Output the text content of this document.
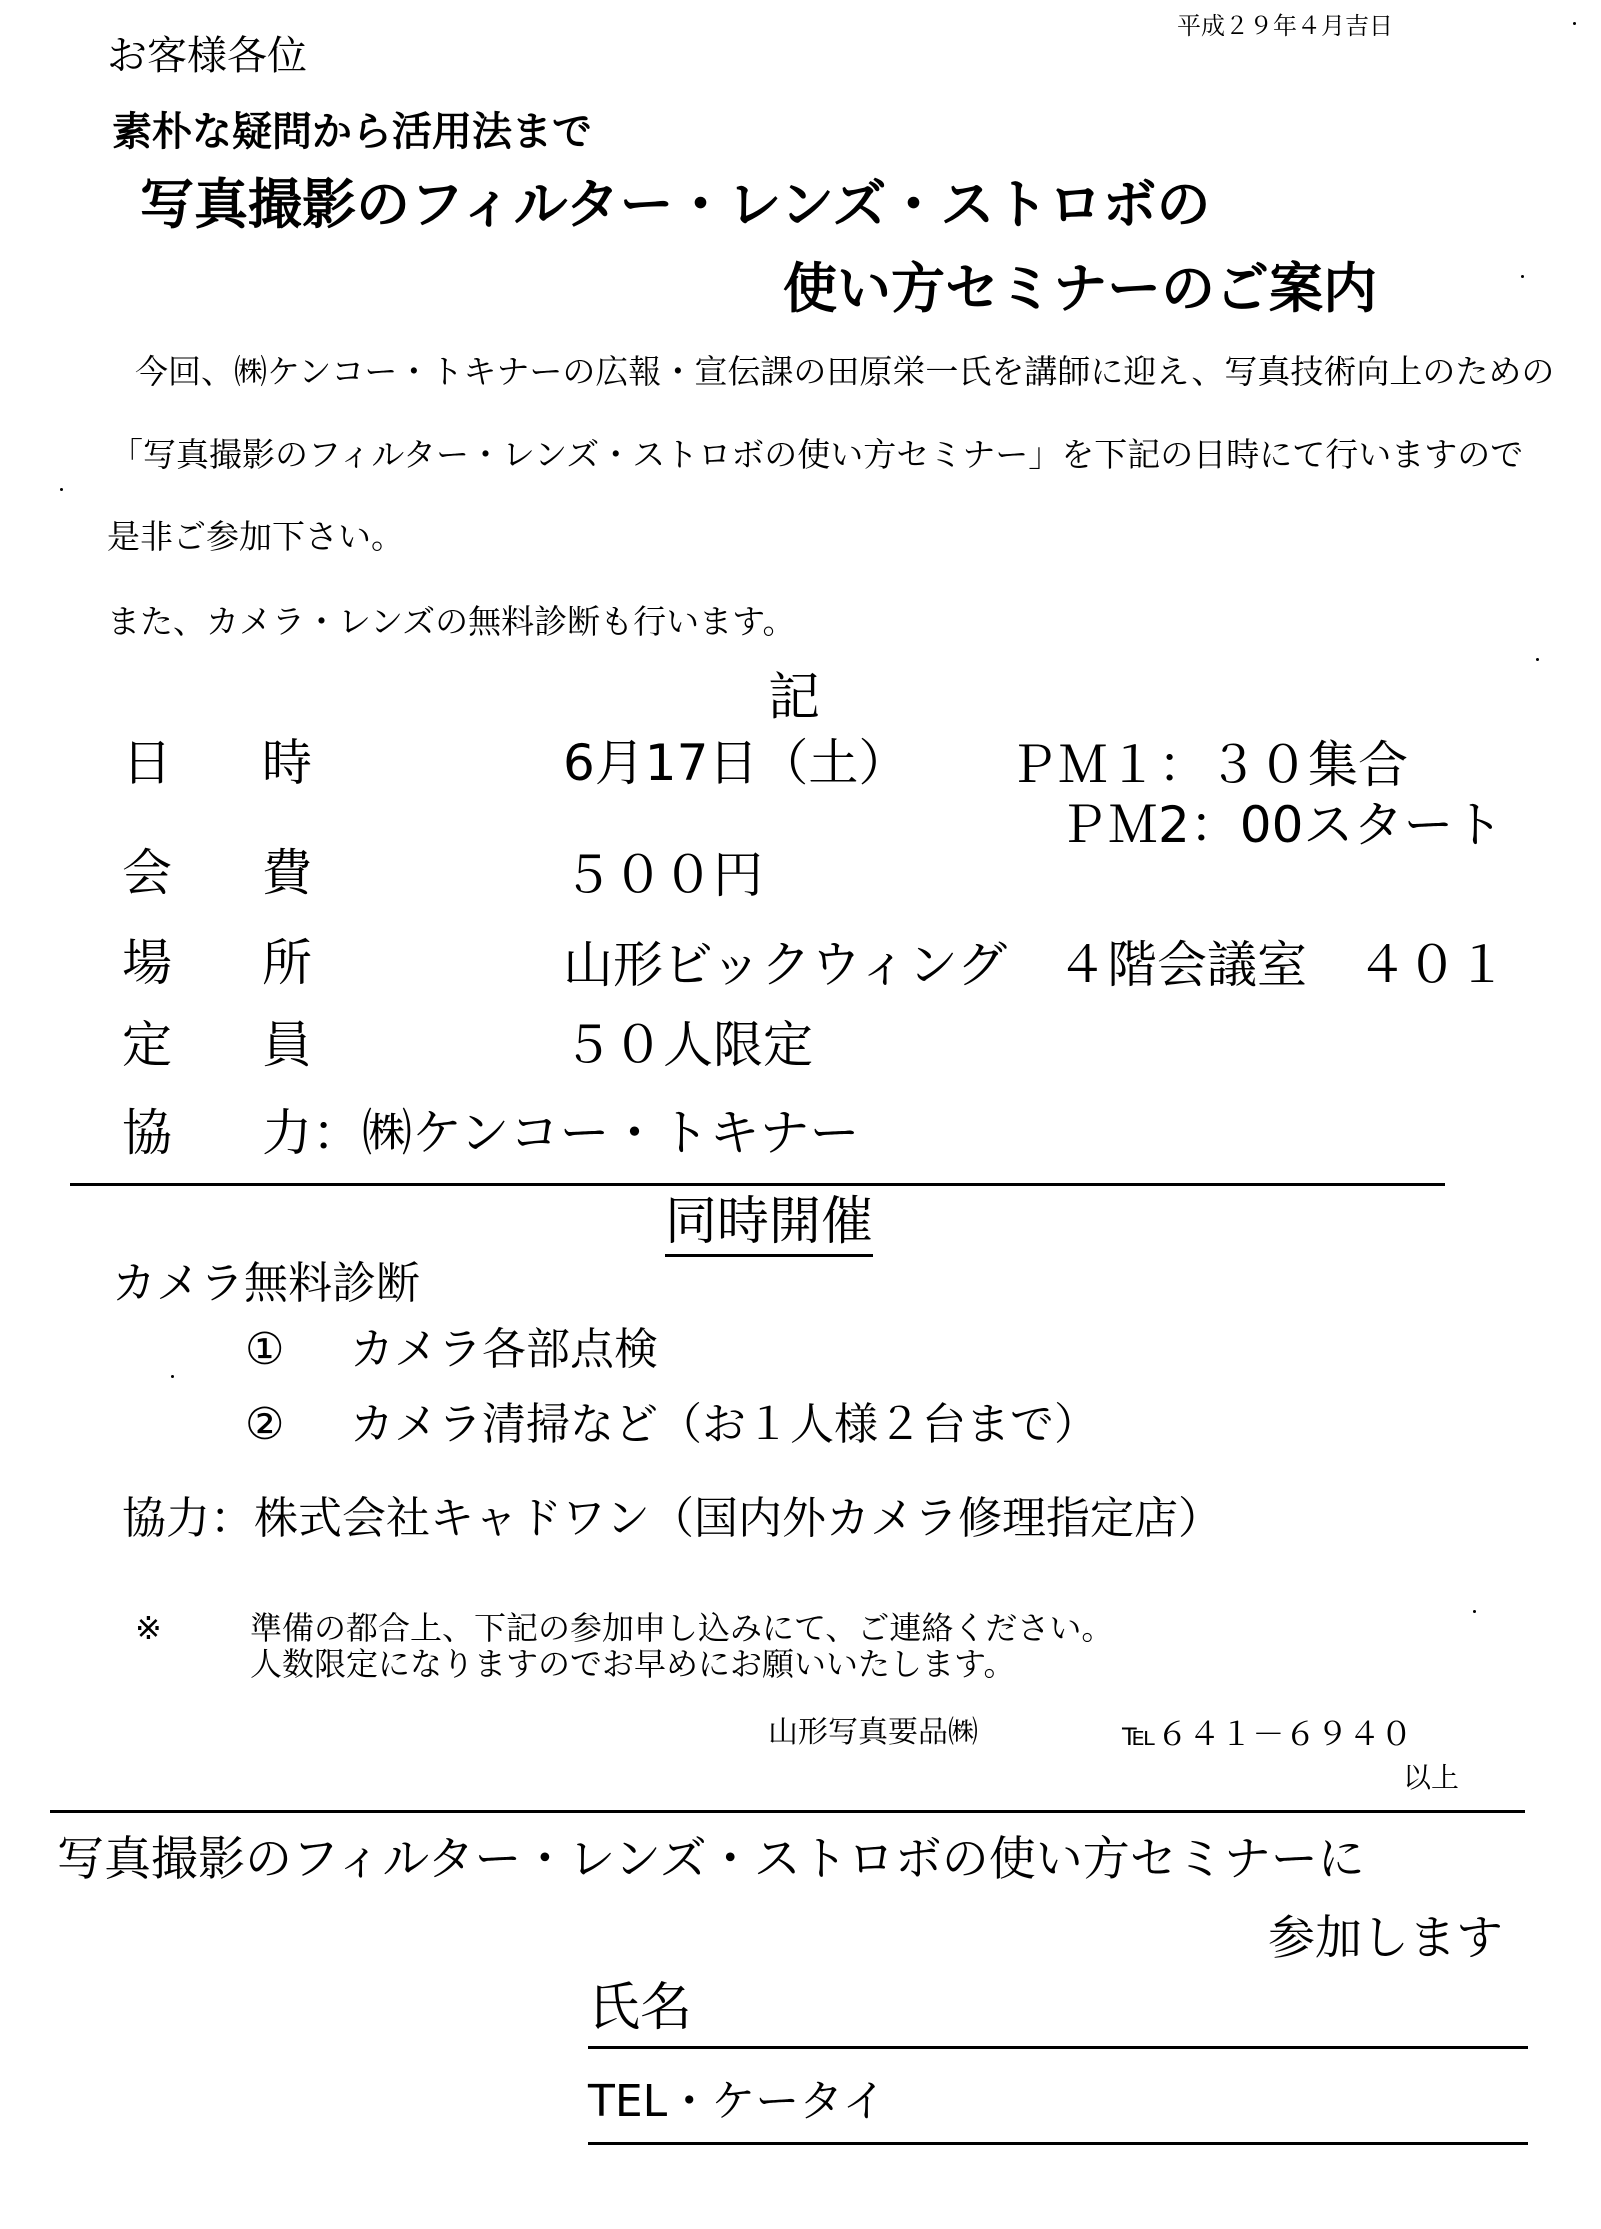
平成２９年４月吉日
お客様各位
素朴な疑問から活用法まで
写真撮影のフィルター・レンズ・ストロボの
使い方セミナーのご案内
今回、㈱ケンコー・トキナーの広報・宣伝課の田原栄一氏を講師に迎え、写真技術向上のための
「写真撮影のフィルター・レンズ・ストロボの使い方セミナー」を下記の日時にて行いますので
是非ご参加下さい。
また、カメラ・レンズの無料診断も行います。
記
日 時	6月17日（土） ＰＭ１：３０集合
ＰＭ2：00スタート
会 費	５００円
場 所	山形ビックウィング　４階会議室　４０１
定 員	５０人限定
協 力：㈱ケンコー・トキナー
同時開催
カメラ無料診断
① カメラ各部点検
② カメラ清掃など（お１人様２台まで）
協力：株式会社キャドワン（国内外カメラ修理指定店）
※	準備の都合上、下記の参加申し込みにて、ご連絡ください。
人数限定になりますのでお早めにお願いいたします。
山形写真要品㈱	℡６４１－６９４０
以上
写真撮影のフィルター・レンズ・ストロボの使い方セミナーに
参加します
氏名
TEL・ケータイ
